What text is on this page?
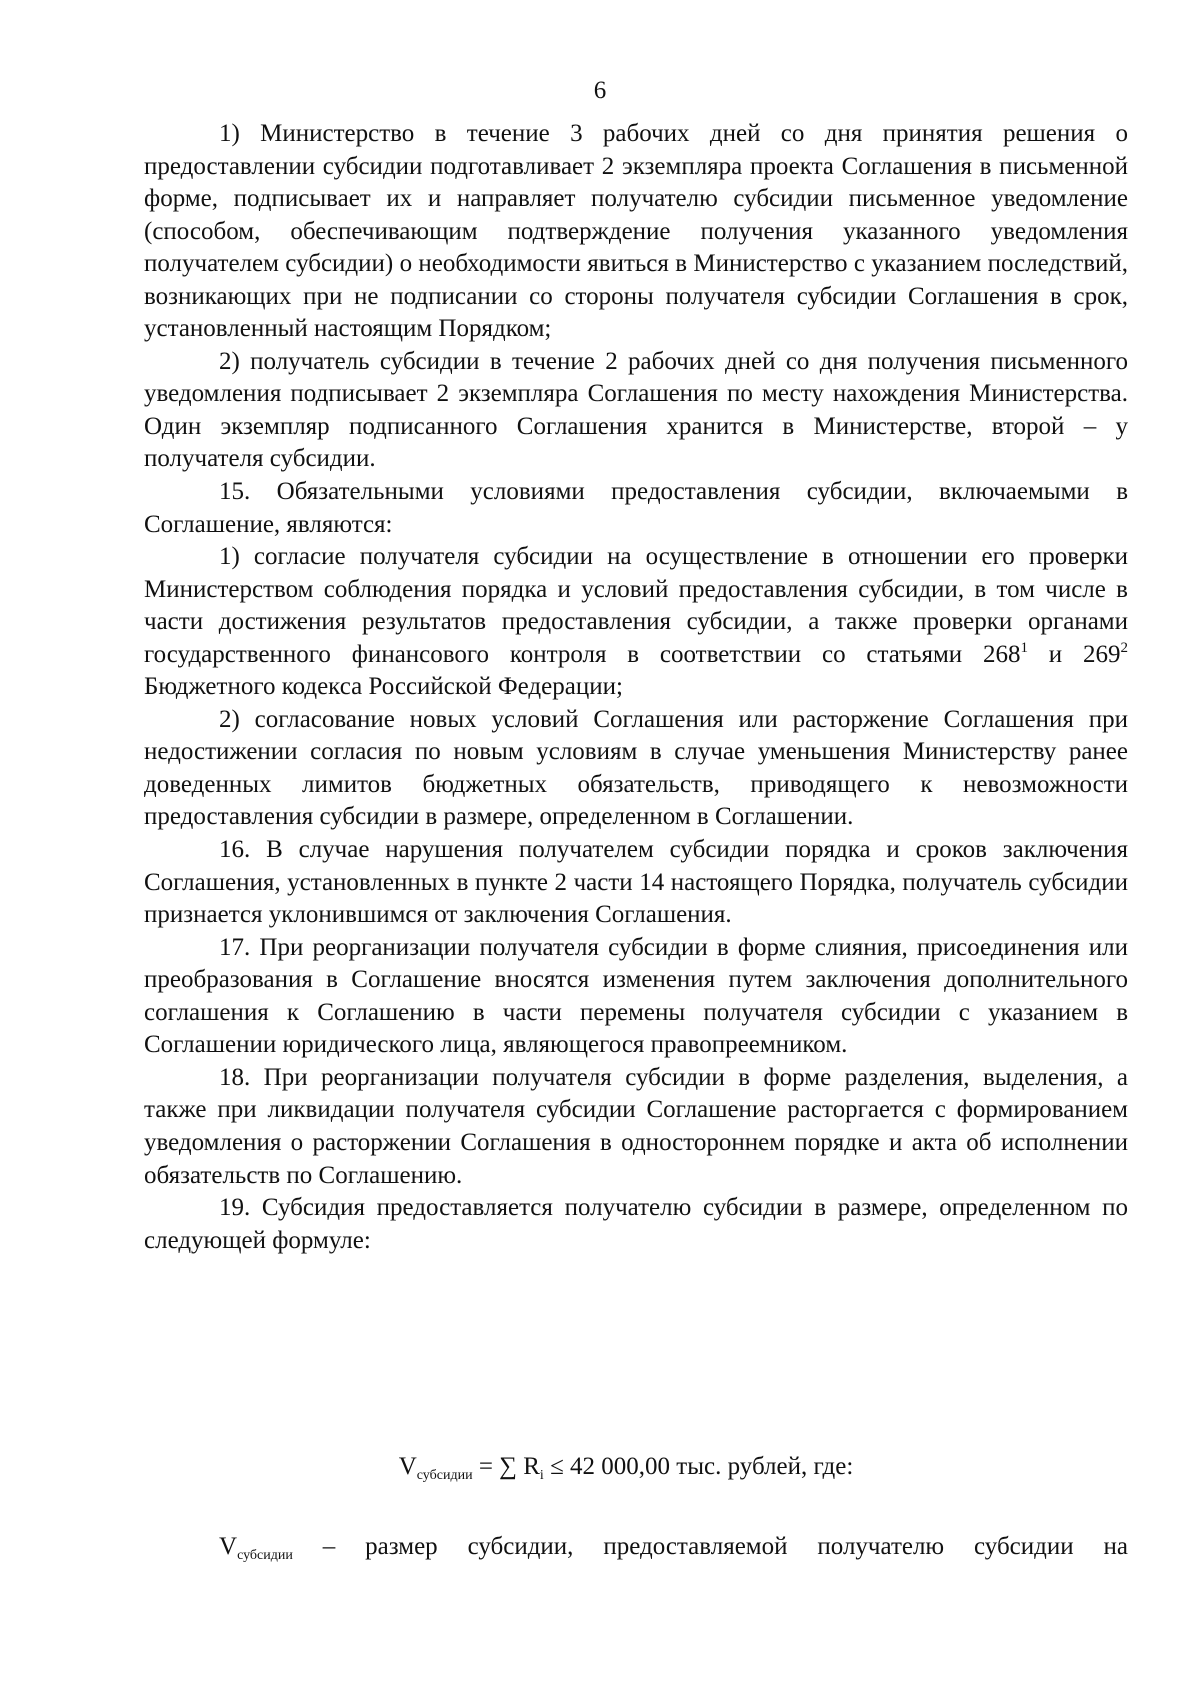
6

1) Министерство в течение 3 рабочих дней со дня принятия решения о предоставлении субсидии подготавливает 2 экземпляра проекта Соглашения в письменной форме, подписывает их и направляет получателю субсидии письменное уведомление (способом, обеспечивающим подтверждение получения указанного уведомления получателем субсидии) о необходимости явиться в Министерство с указанием последствий, возникающих при не подписании со стороны получателя субсидии Соглашения в срок, установленный настоящим Порядком;

2) получатель субсидии в течение 2 рабочих дней со дня получения письменного уведомления подписывает 2 экземпляра Соглашения по месту нахождения Министерства. Один экземпляр подписанного Соглашения хранится в Министерстве, второй – у получателя субсидии.

15. Обязательными условиями предоставления субсидии, включаемыми в Соглашение, являются:

1) согласие получателя субсидии на осуществление в отношении его проверки Министерством соблюдения порядка и условий предоставления субсидии, в том числе в части достижения результатов предоставления субсидии, а также проверки органами государственного финансового контроля в соответствии со статьями $268^1$ и $269^2$ Бюджетного кодекса Российской Федерации;

2) согласование новых условий Соглашения или расторжение Соглашения при недостижении согласия по новым условиям в случае уменьшения Министерству ранее доведенных лимитов бюджетных обязательств, приводящего к невозможности предоставления субсидии в размере, определенном в Соглашении.

16. В случае нарушения получателем субсидии порядка и сроков заключения Соглашения, установленных в пункте 2 части 14 настоящего Порядка, получатель субсидии признается уклонившимся от заключения Соглашения.

17. При реорганизации получателя субсидии в форме слияния, присоединения или преобразования в Соглашение вносятся изменения путем заключения дополнительного соглашения к Соглашению в части перемены получателя субсидии с указанием в Соглашении юридического лица, являющегося правопреемником.

18. При реорганизации получателя субсидии в форме разделения, выделения, а также при ликвидации получателя субсидии Соглашение расторгается с формированием уведомления о расторжении Соглашения в одностороннем порядке и акта об исполнении обязательств по Соглашению.

19. Субсидия предоставляется получателю субсидии в размере, определенном по следующей формуле:

$V_{субсидии}$ = ∑ $R_i \le 42$ 000,00 тыс. рублей, где:
$V_{субсидии}$ – размер субсидии, предоставляемой получателю субсидии на
